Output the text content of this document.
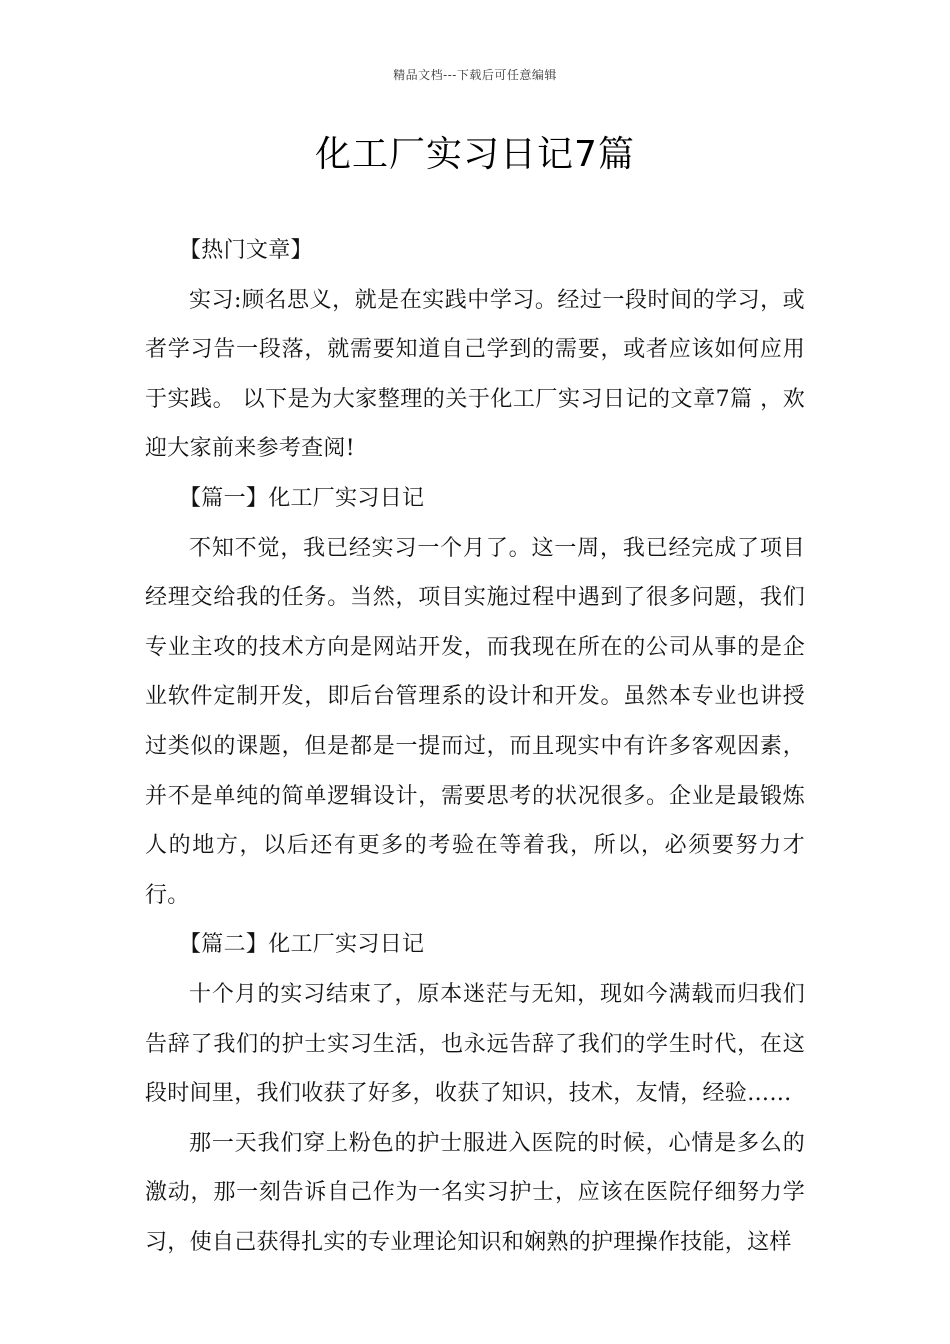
精品文档---下载后可任意编辑
化工厂实习日记7篇

【热门文章】

实习:顾名思义，就是在实践中学习。经过一段时间的学习，或者学习告一段落，就需要知道自己学到的需要，或者应该如何应用于实践。 以下是为大家整理的关于化工厂实习日记的文章7篇 ，欢迎大家前来参考查阅!

【篇一】化工厂实习日记

不知不觉，我已经实习一个月了。这一周，我已经完成了项目经理交给我的任务。当然，项目实施过程中遇到了很多问题，我们专业主攻的技术方向是网站开发，而我现在所在的公司从事的是企业软件定制开发，即后台管理系的设计和开发。虽然本专业也讲授过类似的课题，但是都是一提而过，而且现实中有许多客观因素，并不是单纯的简单逻辑设计，需要思考的状况很多。企业是最锻炼人的地方，以后还有更多的考验在等着我，所以，必须要努力才行。

【篇二】化工厂实习日记

十个月的实习结束了，原本迷茫与无知，现如今满载而归我们告辞了我们的护士实习生活，也永远告辞了我们的学生时代，在这段时间里，我们收获了好多，收获了知识，技术，友情，经验……

那一天我们穿上粉色的护士服进入医院的时候，心情是多么的激动，那一刻告诉自己作为一名实习护士，应该在医院仔细努力学习，使自己获得扎实的专业理论知识和娴熟的护理操作技能，这样
